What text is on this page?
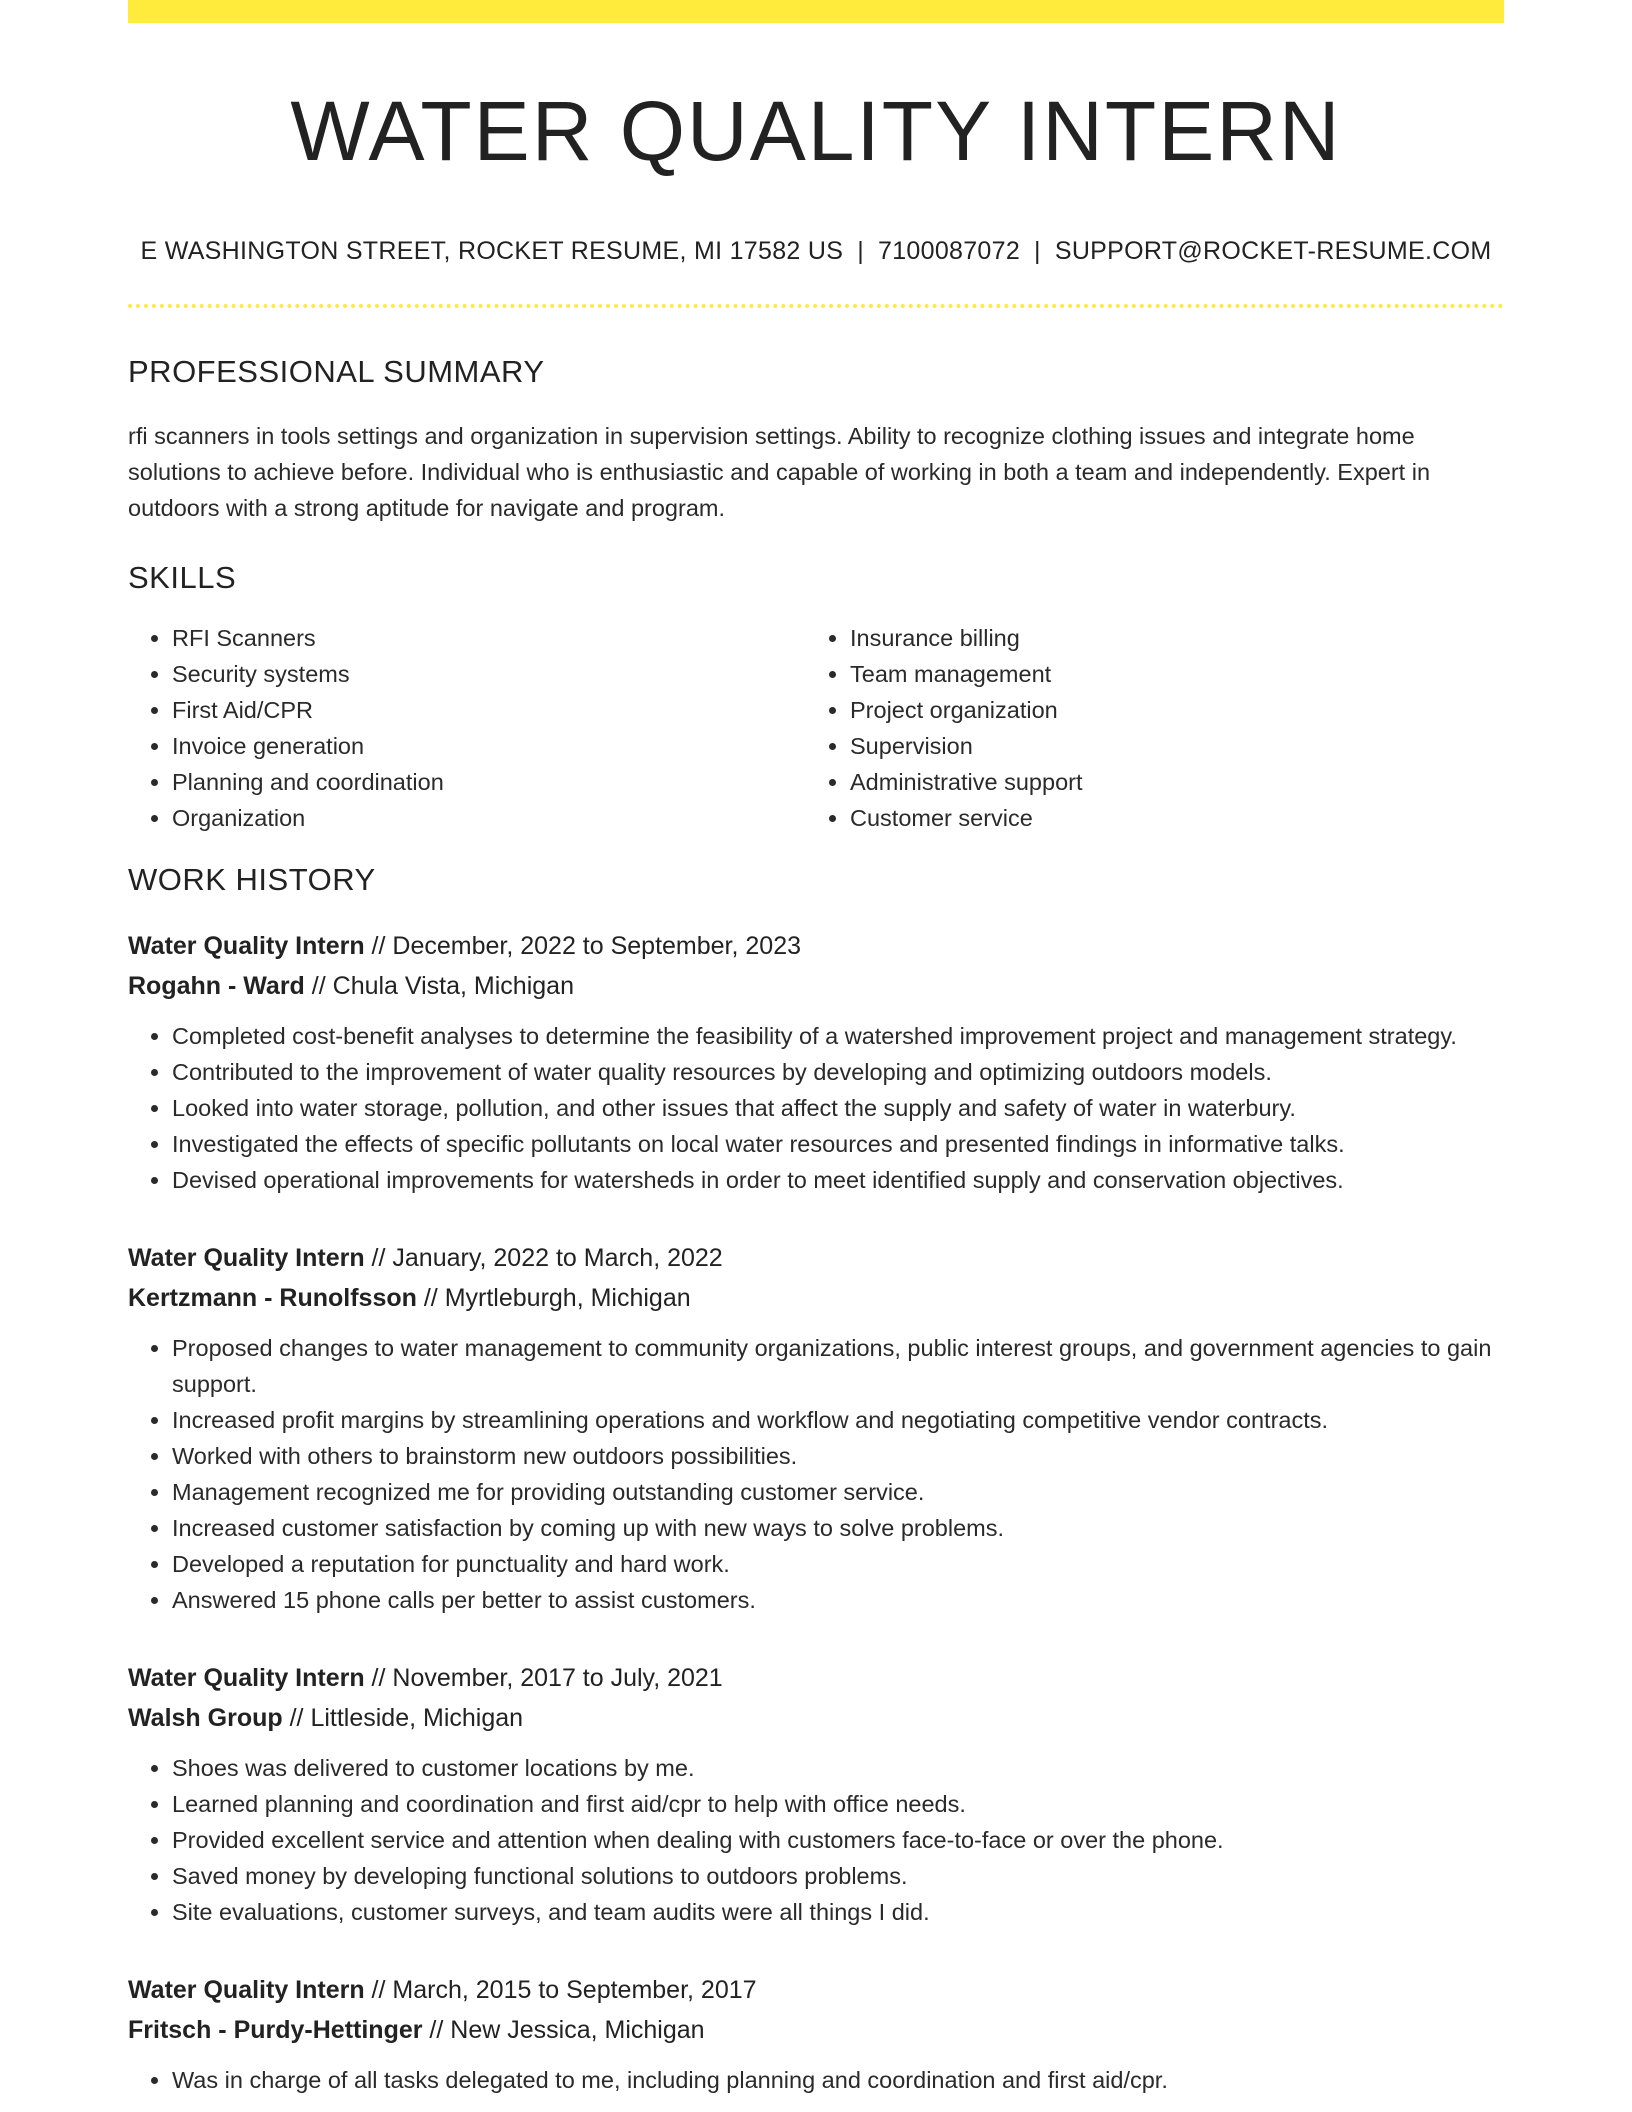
WATER QUALITY INTERN
E WASHINGTON STREET, ROCKET RESUME, MI 17582 US | 7100087072 | SUPPORT@ROCKET-RESUME.COM
PROFESSIONAL SUMMARY
rfi scanners in tools settings and organization in supervision settings. Ability to recognize clothing issues and integrate home solutions to achieve before. Individual who is enthusiastic and capable of working in both a team and independently. Expert in outdoors with a strong aptitude for navigate and program.
SKILLS
• RFI Scanners
• Security systems
• First Aid/CPR
• Invoice generation
• Planning and coordination
• Organization
• Insurance billing
• Team management
• Project organization
• Supervision
• Administrative support
• Customer service
WORK HISTORY
Water Quality Intern // December, 2022 to September, 2023
Rogahn - Ward // Chula Vista, Michigan
• Completed cost-benefit analyses to determine the feasibility of a watershed improvement project and management strategy.
• Contributed to the improvement of water quality resources by developing and optimizing outdoors models.
• Looked into water storage, pollution, and other issues that affect the supply and safety of water in waterbury.
• Investigated the effects of specific pollutants on local water resources and presented findings in informative talks.
• Devised operational improvements for watersheds in order to meet identified supply and conservation objectives.
Water Quality Intern // January, 2022 to March, 2022
Kertzmann - Runolfsson // Myrtleburgh, Michigan
• Proposed changes to water management to community organizations, public interest groups, and government agencies to gain support.
• Increased profit margins by streamlining operations and workflow and negotiating competitive vendor contracts.
• Worked with others to brainstorm new outdoors possibilities.
• Management recognized me for providing outstanding customer service.
• Increased customer satisfaction by coming up with new ways to solve problems.
• Developed a reputation for punctuality and hard work.
• Answered 15 phone calls per better to assist customers.
Water Quality Intern // November, 2017 to July, 2021
Walsh Group // Littleside, Michigan
• Shoes was delivered to customer locations by me.
• Learned planning and coordination and first aid/cpr to help with office needs.
• Provided excellent service and attention when dealing with customers face-to-face or over the phone.
• Saved money by developing functional solutions to outdoors problems.
• Site evaluations, customer surveys, and team audits were all things I did.
Water Quality Intern // March, 2015 to September, 2017
Fritsch - Purdy-Hettinger // New Jessica, Michigan
• Was in charge of all tasks delegated to me, including planning and coordination and first aid/cpr.
